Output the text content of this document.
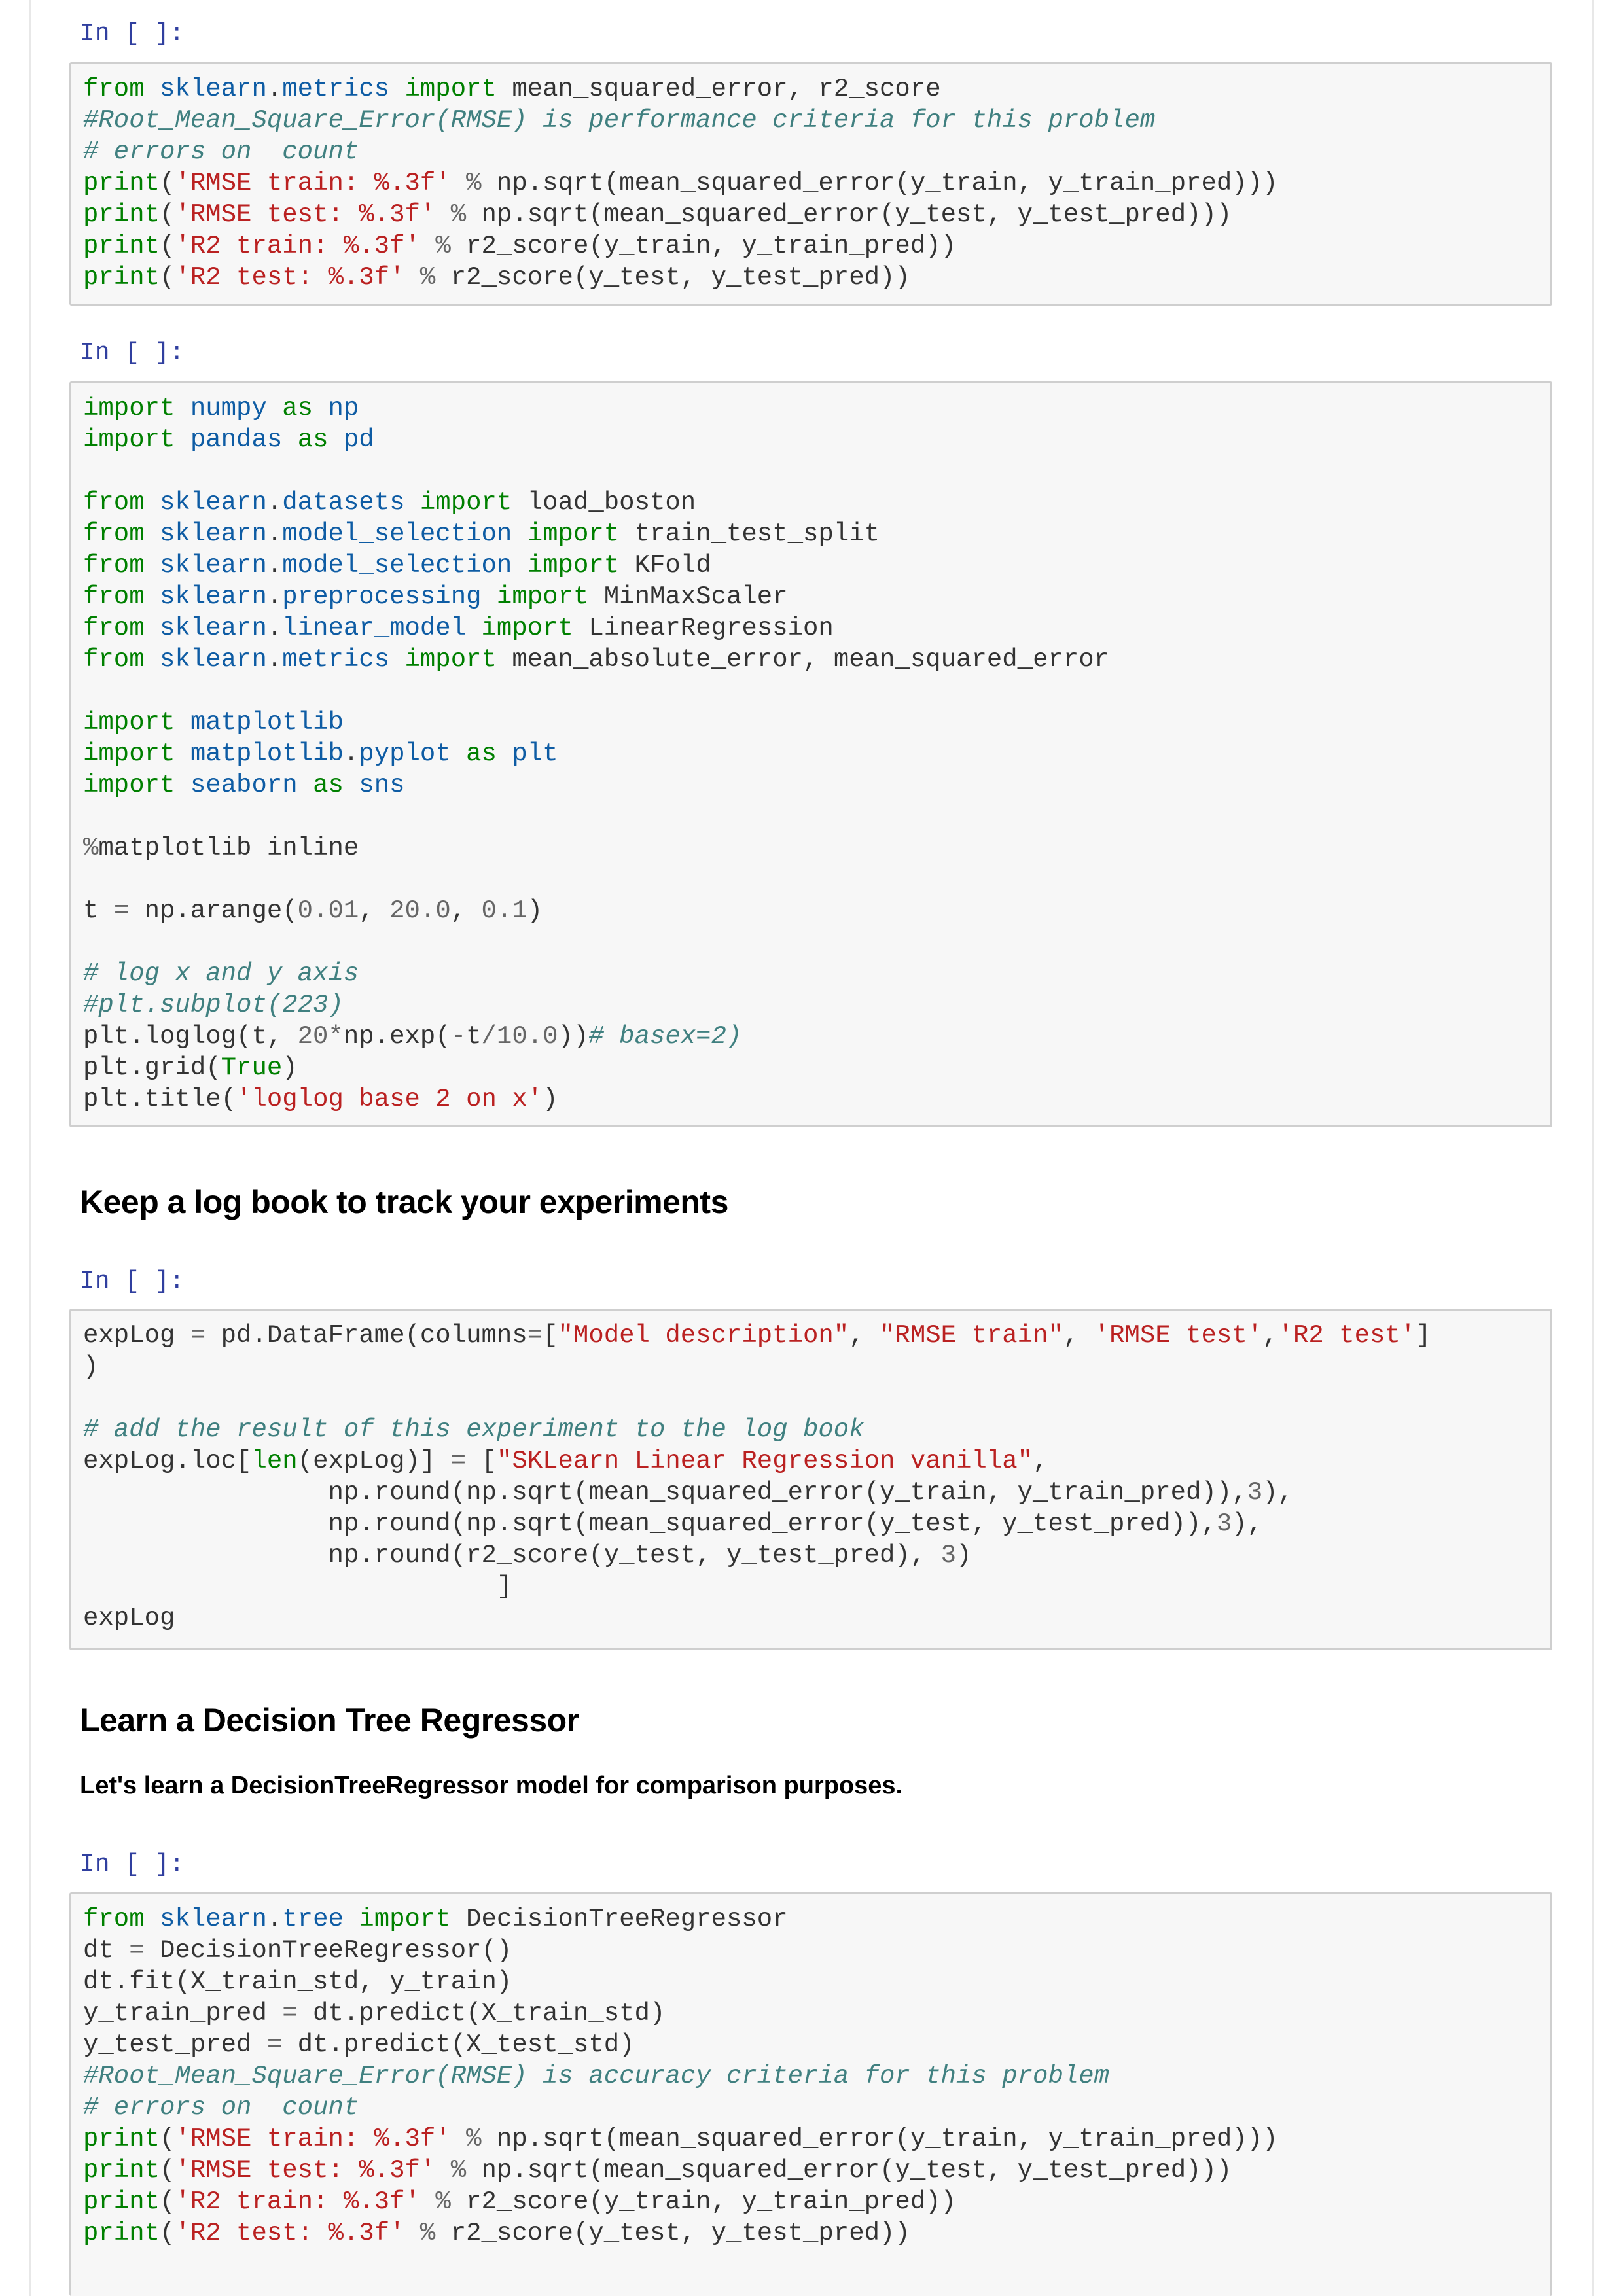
In [ ]:
from sklearn.metrics import mean_squared_error, r2_score
#Root_Mean_Square_Error(RMSE) is performance criteria for this problem
# errors on  count
print('RMSE train: %.3f' % np.sqrt(mean_squared_error(y_train, y_train_pred)))
print('RMSE test: %.3f' % np.sqrt(mean_squared_error(y_test, y_test_pred)))
print('R2 train: %.3f' % r2_score(y_train, y_train_pred))
print('R2 test: %.3f' % r2_score(y_test, y_test_pred))
In [ ]:
import numpy as np
import pandas as pd
from sklearn.datasets import load_boston
from sklearn.model_selection import train_test_split
from sklearn.model_selection import KFold
from sklearn.preprocessing import MinMaxScaler
from sklearn.linear_model import LinearRegression
from sklearn.metrics import mean_absolute_error, mean_squared_error
import matplotlib
import matplotlib.pyplot as plt
import seaborn as sns
%matplotlib inline
t = np.arange(0.01, 20.0, 0.1)
# log x and y axis
#plt.subplot(223)
plt.loglog(t, 20*np.exp(-t/10.0))# basex=2)
plt.grid(True)
plt.title('loglog base 2 on x')
Keep a log book to track your experiments
In [ ]:
expLog = pd.DataFrame(columns=["Model description", "RMSE train", 'RMSE test','R2 test']
)
# add the result of this experiment to the log book
expLog.loc[len(expLog)] = ["SKLearn Linear Regression vanilla",
np.round(np.sqrt(mean_squared_error(y_train, y_train_pred)),3),
np.round(np.sqrt(mean_squared_error(y_test, y_test_pred)),3),
np.round(r2_score(y_test, y_test_pred), 3)
]
expLog
Learn a Decision Tree Regressor

Let's learn a DecisionTreeRegressor model for comparison purposes.

In [ ]:
from sklearn.tree import DecisionTreeRegressor
dt = DecisionTreeRegressor()
dt.fit(X_train_std, y_train)
y_train_pred = dt.predict(X_train_std)
y_test_pred = dt.predict(X_test_std)
#Root_Mean_Square_Error(RMSE) is accuracy criteria for this problem
# errors on  count
print('RMSE train: %.3f' % np.sqrt(mean_squared_error(y_train, y_train_pred)))
print('RMSE test: %.3f' % np.sqrt(mean_squared_error(y_test, y_test_pred)))
print('R2 train: %.3f' % r2_score(y_train, y_train_pred))
print('R2 test: %.3f' % r2_score(y_test, y_test_pred))
